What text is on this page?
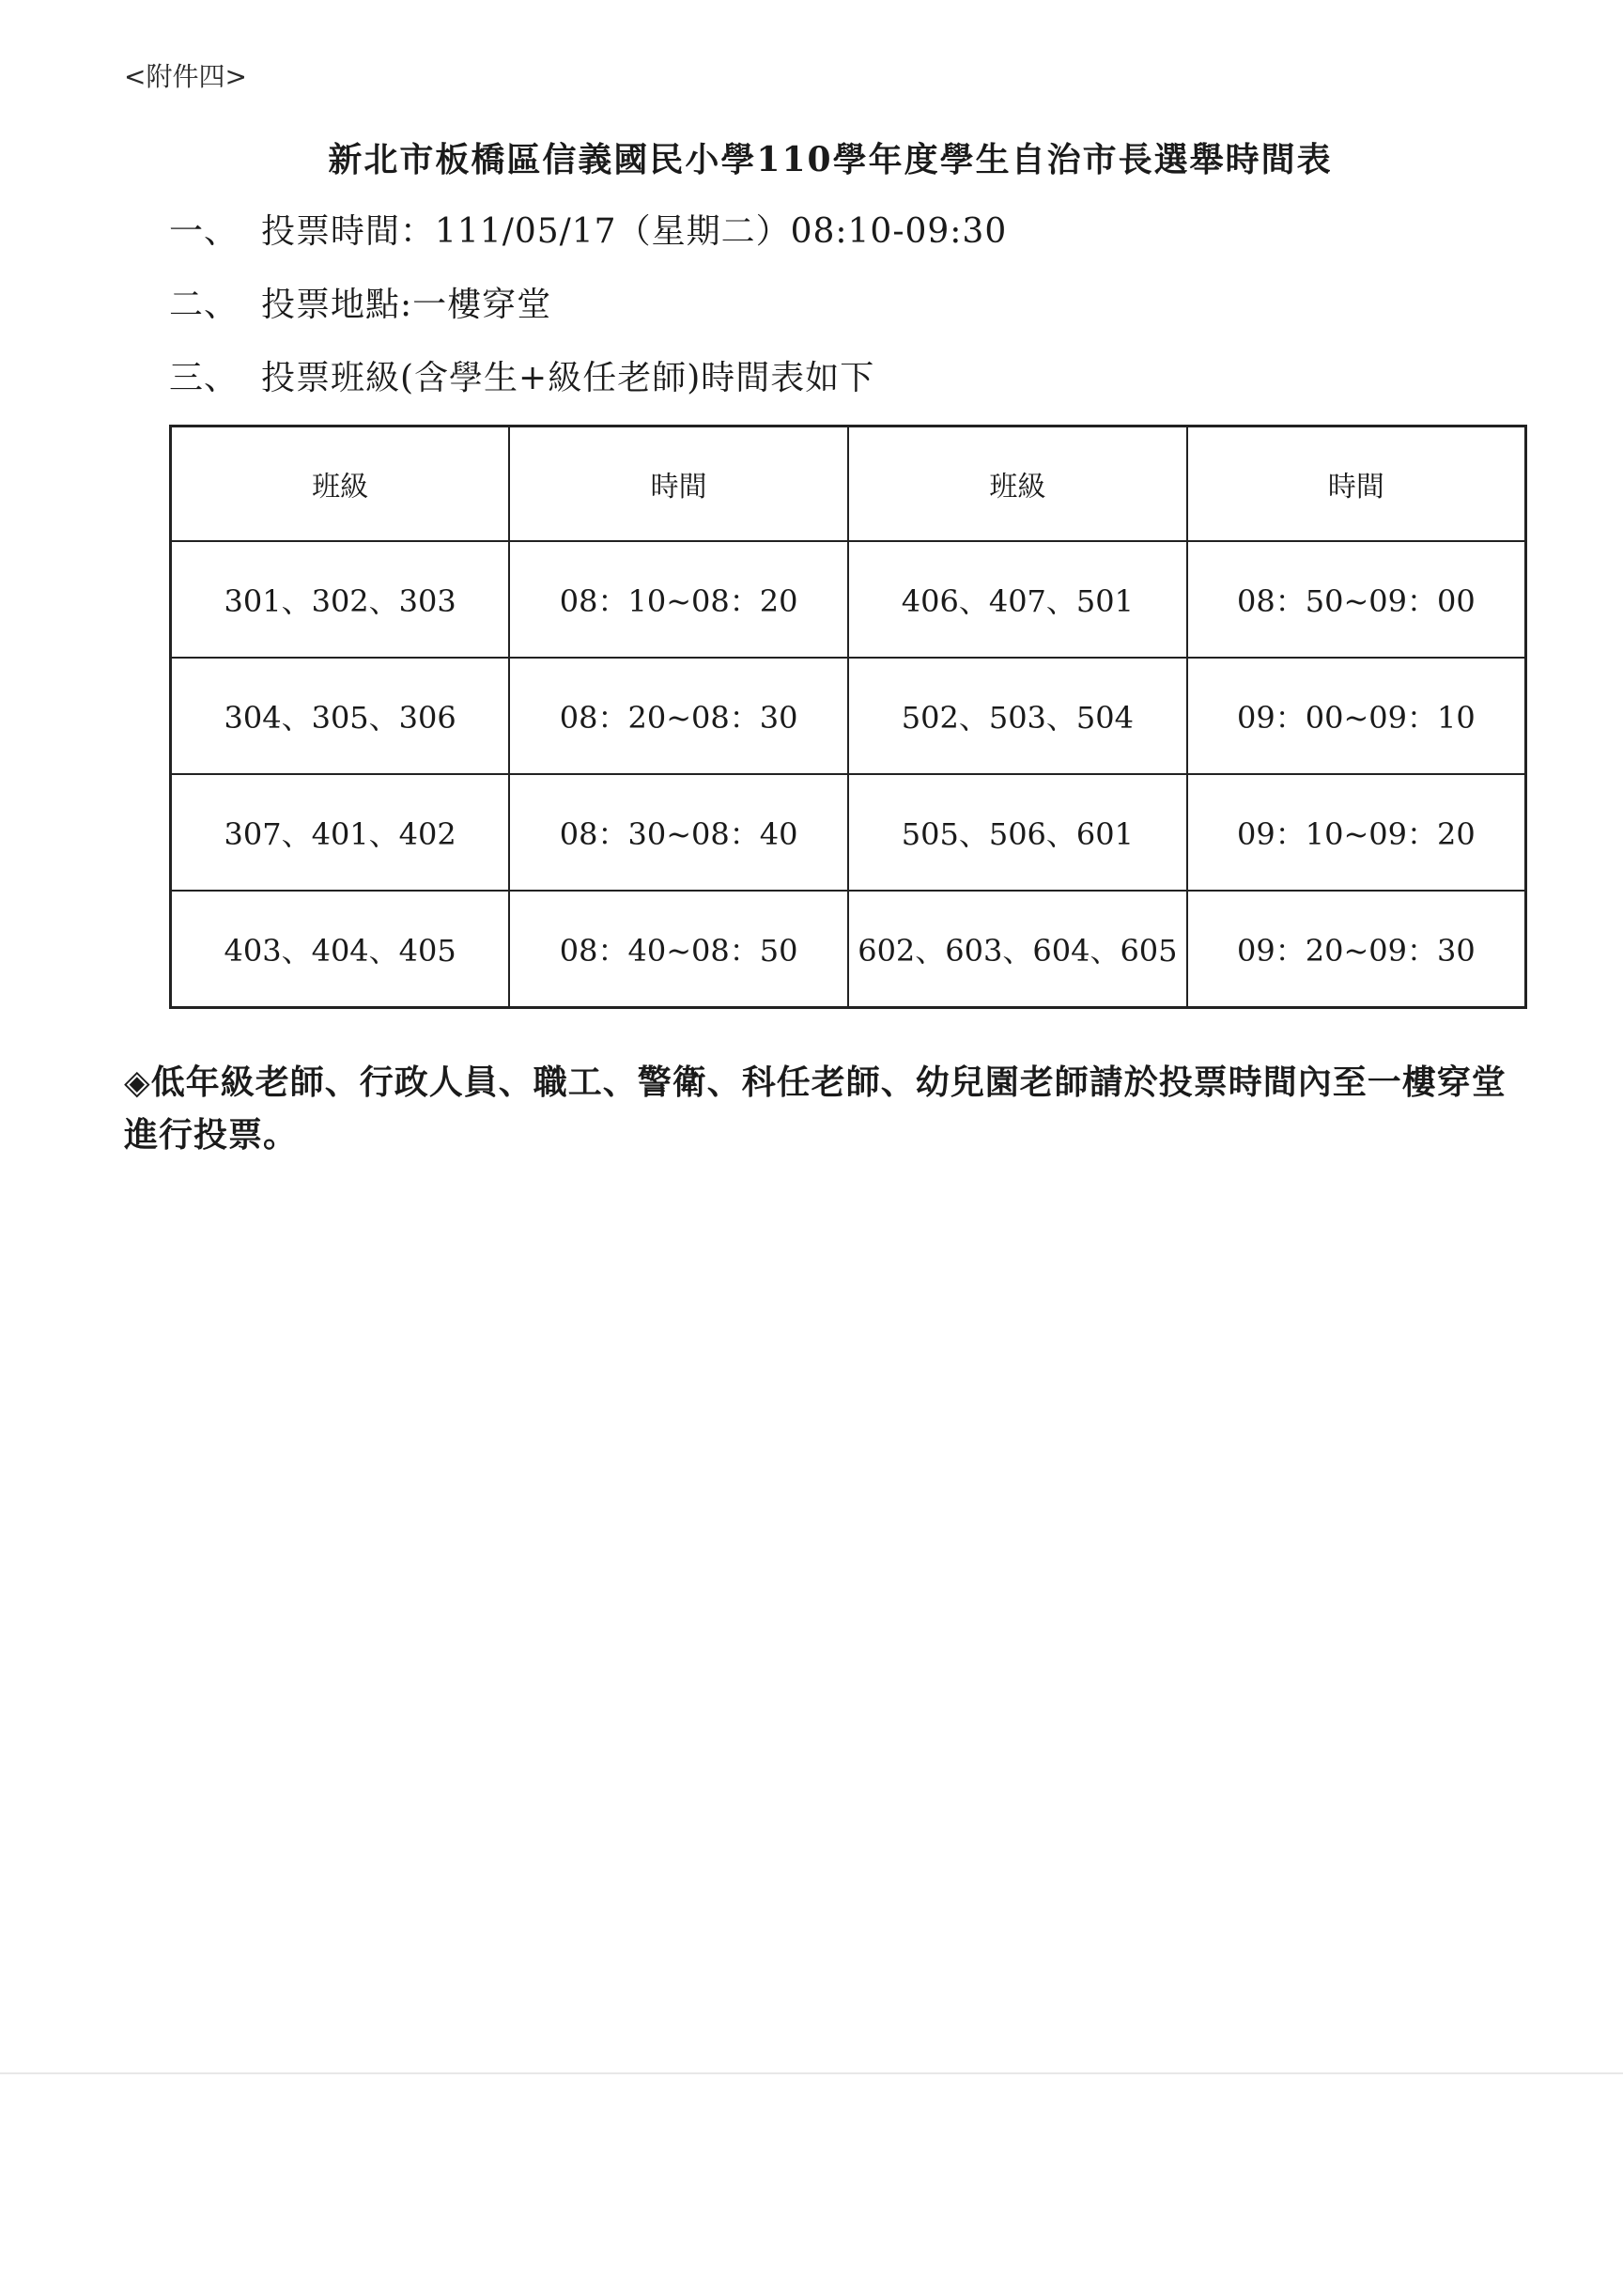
<附件四>
新北市板橋區信義國民小學110學年度學生自治市長選舉時間表
一、 投票時間：111/05/17（星期二）08:10-09:30
二、 投票地點:一樓穿堂
三、 投票班級(含學生+級任老師)時間表如下
班級	時間	班級	時間
301、302、303	08：10~08：20	406、407、501	08：50~09：00
304、305、306	08：20~08：30	502、503、504	09：00~09：10
307、401、402	08：30~08：40	505、506、601	09：10~09：20
403、404、405	08：40~08：50	602、603、604、605	09：20~09：30
◈低年級老師、行政人員、職工、警衛、科任老師、幼兒園老師請於投票時間內至一樓穿堂進行投票。
